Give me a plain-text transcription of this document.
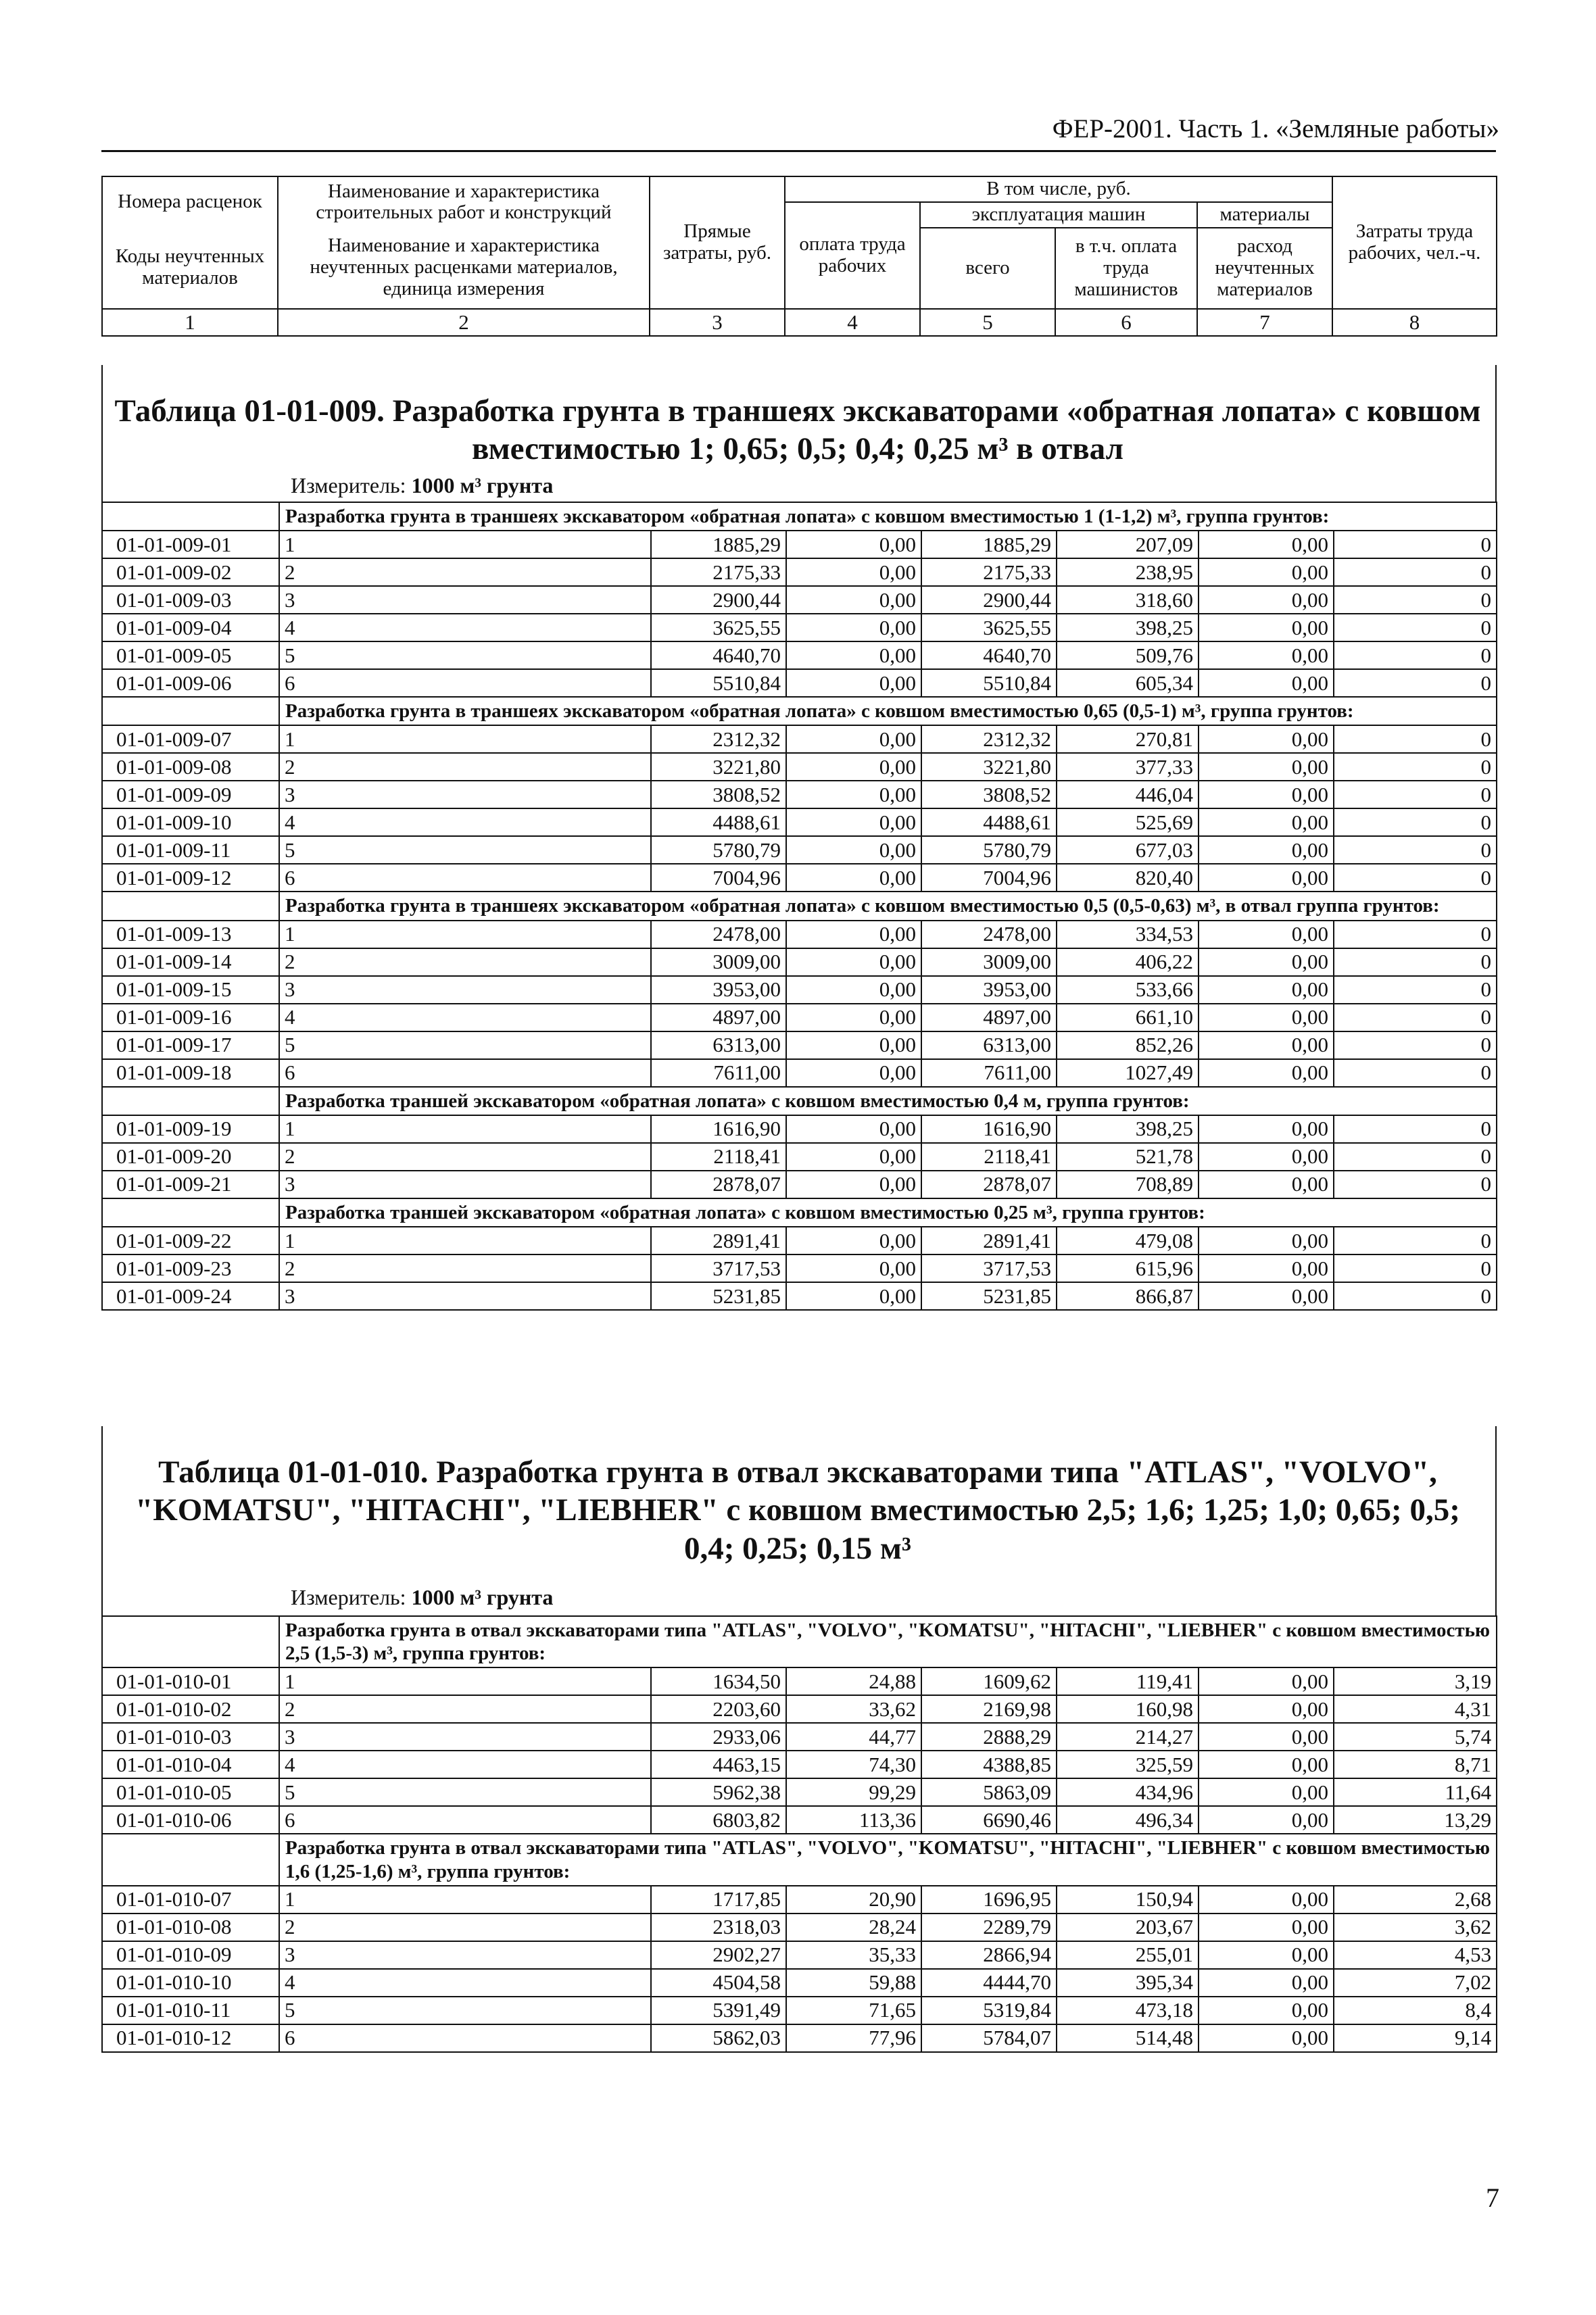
ФЕР-2001. Часть 1. «Земляные работы»
Номера расценок	Наименование и характеристика строительных работ и конструкций	Прямые затраты, руб.	В том числе, руб.				Затраты труда рабочих, чел.-ч.
			оплата труда рабочих	эксплуатация машин		материалы	
Коды неучтенных материалов	Наименование и характеристика неучтенных расценками материалов, единица измерения			всего	в т.ч. оплата труда машинистов	расход неучтенных материалов	

1	2	3	4	5	6	7	8
Таблица 01-01-009. Разработка грунта в траншеях экскаваторами «обратная лопата» с ковшом вместимостью 1; 0,65; 0,5; 0,4; 0,25 м³ в отвал
Измеритель: 1000 м³ грунта
	Разработка грунта в траншеях экскаватором «обратная лопата» с ковшом вместимостью 1 (1-1,2) м³, группа грунтов:						
01-01-009-01	1	1885,29	0,00	1885,29	207,09	0,00	0
01-01-009-02	2	2175,33	0,00	2175,33	238,95	0,00	0
01-01-009-03	3	2900,44	0,00	2900,44	318,60	0,00	0
01-01-009-04	4	3625,55	0,00	3625,55	398,25	0,00	0
01-01-009-05	5	4640,70	0,00	4640,70	509,76	0,00	0
01-01-009-06	6	5510,84	0,00	5510,84	605,34	0,00	0
	Разработка грунта в траншеях экскаватором «обратная лопата» с ковшом вместимостью 0,65 (0,5-1) м³, группа грунтов:						
01-01-009-07	1	2312,32	0,00	2312,32	270,81	0,00	0
01-01-009-08	2	3221,80	0,00	3221,80	377,33	0,00	0
01-01-009-09	3	3808,52	0,00	3808,52	446,04	0,00	0
01-01-009-10	4	4488,61	0,00	4488,61	525,69	0,00	0
01-01-009-11	5	5780,79	0,00	5780,79	677,03	0,00	0
01-01-009-12	6	7004,96	0,00	7004,96	820,40	0,00	0
	Разработка грунта в траншеях экскаватором «обратная лопата» с ковшом вместимостью 0,5 (0,5-0,63) м³, в отвал группа грунтов:						
01-01-009-13	1	2478,00	0,00	2478,00	334,53	0,00	0
01-01-009-14	2	3009,00	0,00	3009,00	406,22	0,00	0
01-01-009-15	3	3953,00	0,00	3953,00	533,66	0,00	0
01-01-009-16	4	4897,00	0,00	4897,00	661,10	0,00	0
01-01-009-17	5	6313,00	0,00	6313,00	852,26	0,00	0
01-01-009-18	6	7611,00	0,00	7611,00	1027,49	0,00	0
	Разработка траншей экскаватором «обратная лопата» с ковшом вместимостью 0,4 м, группа грунтов:						
01-01-009-19	1	1616,90	0,00	1616,90	398,25	0,00	0
01-01-009-20	2	2118,41	0,00	2118,41	521,78	0,00	0
01-01-009-21	3	2878,07	0,00	2878,07	708,89	0,00	0
	Разработка траншей экскаватором «обратная лопата» с ковшом вместимостью 0,25 м³, группа грунтов:						
01-01-009-22	1	2891,41	0,00	2891,41	479,08	0,00	0
01-01-009-23	2	3717,53	0,00	3717,53	615,96	0,00	0
01-01-009-24	3	5231,85	0,00	5231,85	866,87	0,00	0
Таблица 01-01-010. Разработка грунта в отвал экскаваторами типа "ATLAS", "VOLVO", "KOMATSU", "HITACHI", "LIEBHER" с ковшом вместимостью 2,5; 1,6; 1,25; 1,0; 0,65; 0,5; 0,4; 0,25; 0,15 м³
Измеритель: 1000 м³ грунта
	Разработка грунта в отвал экскаваторами типа "ATLAS", "VOLVO", "KOMATSU", "HITACHI", "LIEBHER" с ковшом вместимостью 2,5 (1,5-3) м³, группа грунтов:						
01-01-010-01	1	1634,50	24,88	1609,62	119,41	0,00	3,19
01-01-010-02	2	2203,60	33,62	2169,98	160,98	0,00	4,31
01-01-010-03	3	2933,06	44,77	2888,29	214,27	0,00	5,74
01-01-010-04	4	4463,15	74,30	4388,85	325,59	0,00	8,71
01-01-010-05	5	5962,38	99,29	5863,09	434,96	0,00	11,64
01-01-010-06	6	6803,82	113,36	6690,46	496,34	0,00	13,29
	Разработка грунта в отвал экскаваторами типа "ATLAS", "VOLVO", "KOMATSU", "HITACHI", "LIEBHER" с ковшом вместимостью 1,6 (1,25-1,6) м³, группа грунтов:						
01-01-010-07	1	1717,85	20,90	1696,95	150,94	0,00	2,68
01-01-010-08	2	2318,03	28,24	2289,79	203,67	0,00	3,62
01-01-010-09	3	2902,27	35,33	2866,94	255,01	0,00	4,53
01-01-010-10	4	4504,58	59,88	4444,70	395,34	0,00	7,02
01-01-010-11	5	5391,49	71,65	5319,84	473,18	0,00	8,4
01-01-010-12	6	5862,03	77,96	5784,07	514,48	0,00	9,14
7
